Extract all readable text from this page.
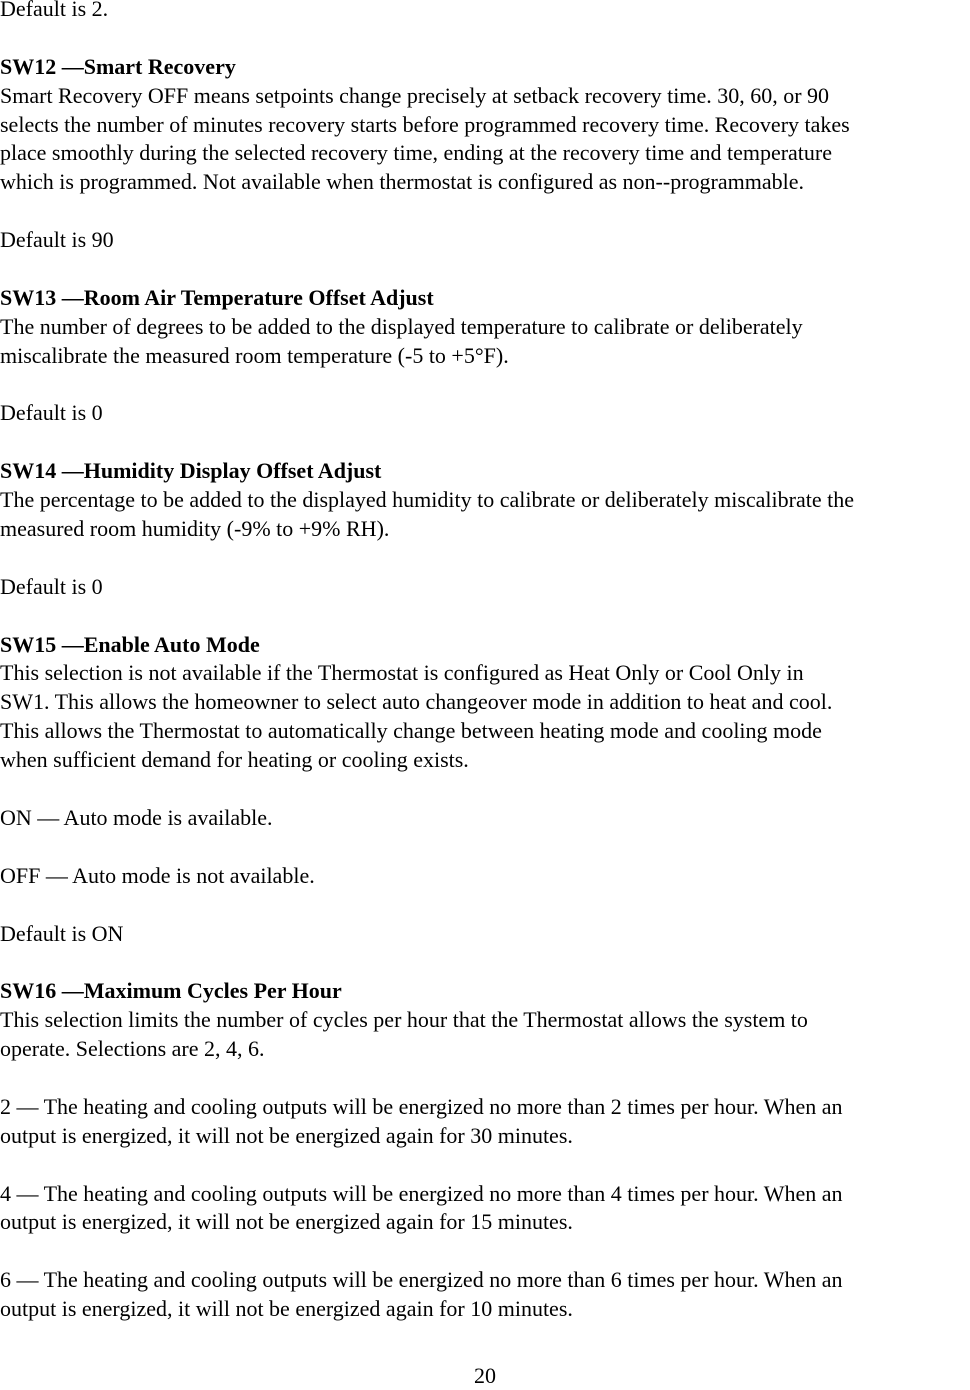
Default is 2.

SW12 —Smart Recovery

Smart Recovery OFF means setpoints change precisely at setback recovery time. 30, 60, or 90

selects the number of minutes recovery starts before programmed recovery time. Recovery takes

place smoothly during the selected recovery time, ending at the recovery time and temperature

which is programmed. Not available when thermostat is configured as non--programmable.

Default is 90

SW13 —Room Air Temperature Offset Adjust

The number of degrees to be added to the displayed temperature to calibrate or deliberately

miscalibrate the measured room temperature (-5 to +5°F).

Default is 0

SW14 —Humidity Display Offset Adjust

The percentage to be added to the displayed humidity to calibrate or deliberately miscalibrate the

measured room humidity (-9% to +9% RH).

Default is 0

SW15 —Enable Auto Mode

This selection is not available if the Thermostat is configured as Heat Only or Cool Only in

SW1. This allows the homeowner to select auto changeover mode in addition to heat and cool.

This allows the Thermostat to automatically change between heating mode and cooling mode

when sufficient demand for heating or cooling exists.

ON — Auto mode is available.

OFF — Auto mode is not available.

Default is ON

SW16 —Maximum Cycles Per Hour

This selection limits the number of cycles per hour that the Thermostat allows the system to

operate. Selections are 2, 4, 6.

2 — The heating and cooling outputs will be energized no more than 2 times per hour. When an

output is energized, it will not be energized again for 30 minutes.

4 — The heating and cooling outputs will be energized no more than 4 times per hour. When an

output is energized, it will not be energized again for 15 minutes.

6 — The heating and cooling outputs will be energized no more than 6 times per hour. When an

output is energized, it will not be energized again for 10 minutes.

20
